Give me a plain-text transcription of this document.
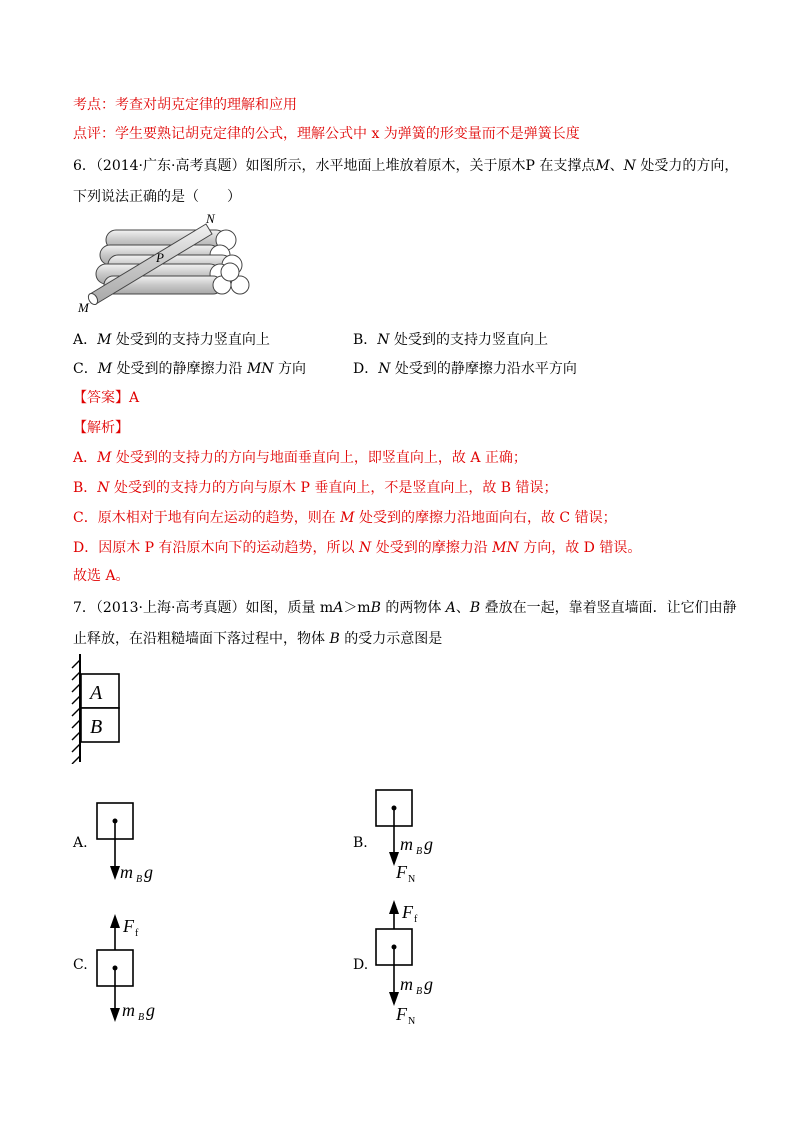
考点：考查对胡克定律的理解和应用
点评：学生要熟记胡克定律的公式，理解公式中 x 为弹簧的形变量而不是弹簧长度
6．（2014·广东·高考真题）如图所示，水平地面上堆放着原木，关于原木P 在支撑点M、N 处受力的方向，
下列说法正确的是（　　）
N
P
M
A．M 处受到的支持力竖直向上	B．N 处受到的支持力竖直向上
C．M 处受到的静摩擦力沿 MN 方向	D．N 处受到的静摩擦力沿水平方向
【答案】A
【解析】
A．M 处受到的支持力的方向与地面垂直向上，即竖直向上，故 A 正确；
B．N 处受到的支持力的方向与原木 P 垂直向上，不是竖直向上，故 B 错误；
C．原木相对于地有向左运动的趋势，则在 M 处受到的摩擦力沿地面向右，故 C 错误；
D．因原木 P 有沿原木向下的运动趋势，所以 N 处受到的摩擦力沿 MN 方向，故 D 错误。
故选 A。
7．（2013·上海·高考真题）如图，质量 mA＞mB 的两物体 A、B 叠放在一起，靠着竖直墙面．让它们由静
止释放，在沿粗糙墙面下落过程中，物体 B 的受力示意图是
A
B
A.
m B g
B. m B g
F N
C.
F f
m B g
D.
F f
m B g
F N
